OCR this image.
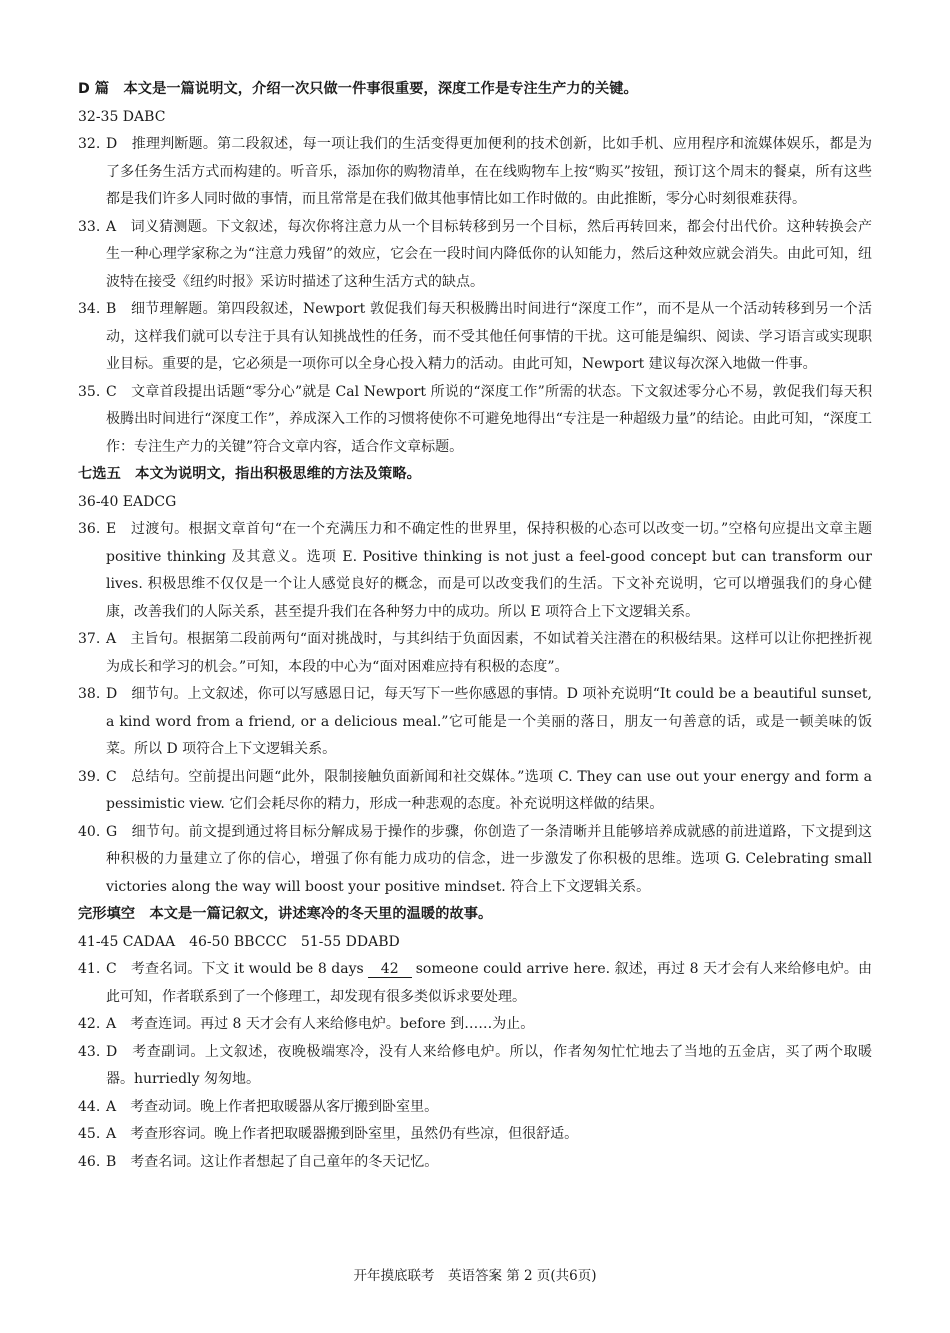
D 篇　本文是一篇说明文，介绍一次只做一件事很重要，深度工作是专注生产力的关键。
32-35 DABC
32. D　推理判断题。第二段叙述，每一项让我们的生活变得更加便利的技术创新，比如手机、应用程序和流媒体娱乐，都是为了多任务生活方式而构建的。听音乐，添加你的购物清单，在在线购物车上按“购买”按钮，预订这个周末的餐桌，所有这些都是我们许多人同时做的事情，而且常常是在我们做其他事情比如工作时做的。由此推断，零分心时刻很难获得。
33. A　词义猜测题。下文叙述，每次你将注意力从一个目标转移到另一个目标，然后再转回来，都会付出代价。这种转换会产生一种心理学家称之为“注意力残留”的效应，它会在一段时间内降低你的认知能力，然后这种效应就会消失。由此可知，纽波特在接受《纽约时报》采访时描述了这种生活方式的缺点。
34. B　细节理解题。第四段叙述，Newport 敦促我们每天积极腾出时间进行“深度工作”，而不是从一个活动转移到另一个活动，这样我们就可以专注于具有认知挑战性的任务，而不受其他任何事情的干扰。这可能是编织、阅读、学习语言或实现职业目标。重要的是，它必须是一项你可以全身心投入精力的活动。由此可知，Newport 建议每次深入地做一件事。
35. C　文章首段提出话题“零分心”就是 Cal Newport 所说的“深度工作”所需的状态。下文叙述零分心不易，敦促我们每天积极腾出时间进行“深度工作”，养成深入工作的习惯将使你不可避免地得出“专注是一种超级力量”的结论。由此可知，“深度工作：专注生产力的关键”符合文章内容，适合作文章标题。
七选五　本文为说明文，指出积极思维的方法及策略。
36-40 EADCG
36. E　过渡句。根据文章首句“在一个充满压力和不确定性的世界里，保持积极的心态可以改变一切。”空格句应提出文章主题 positive thinking 及其意义。选项 E. Positive thinking is not just a feel-good concept but can transform our lives. 积极思维不仅仅是一个让人感觉良好的概念，而是可以改变我们的生活。下文补充说明，它可以增强我们的身心健康，改善我们的人际关系，甚至提升我们在各种努力中的成功。所以 E 项符合上下文逻辑关系。
37. A　主旨句。根据第二段前两句“面对挑战时，与其纠结于负面因素，不如试着关注潜在的积极结果。这样可以让你把挫折视为成长和学习的机会。”可知，本段的中心为“面对困难应持有积极的态度”。
38. D　细节句。上文叙述，你可以写感恩日记，每天写下一些你感恩的事情。D 项补充说明“It could be a beautiful sunset, a kind word from a friend, or a delicious meal.”它可能是一个美丽的落日，朋友一句善意的话，或是一顿美味的饭菜。所以 D 项符合上下文逻辑关系。
39. C　总结句。空前提出问题“此外，限制接触负面新闻和社交媒体。”选项 C. They can use out your energy and form a pessimistic view. 它们会耗尽你的精力，形成一种悲观的态度。补充说明这样做的结果。
40. G　细节句。前文提到通过将目标分解成易于操作的步骤，你创造了一条清晰并且能够培养成就感的前进道路，下文提到这种积极的力量建立了你的信心，增强了你有能力成功的信念，进一步激发了你积极的思维。选项 G. Celebrating small victories along the way will boost your positive mindset. 符合上下文逻辑关系。
完形填空　本文是一篇记叙文，讲述寒冷的冬天里的温暖的故事。
41-45 CADAA　46-50 BBCCC　51-55 DDABD
41. C　考查名词。下文 it would be 8 days 42 someone could arrive here. 叙述，再过 8 天才会有人来给修电炉。由此可知，作者联系到了一个修理工，却发现有很多类似诉求要处理。
42. A　考查连词。再过 8 天才会有人来给修电炉。before 到……为止。
43. D　考查副词。上文叙述，夜晚极端寒冷，没有人来给修电炉。所以，作者匆匆忙忙地去了当地的五金店，买了两个取暖器。hurriedly 匆匆地。
44. A　考查动词。晚上作者把取暖器从客厅搬到卧室里。
45. A　考查形容词。晚上作者把取暖器搬到卧室里，虽然仍有些凉，但很舒适。
46. B　考查名词。这让作者想起了自己童年的冬天记忆。
开年摸底联考　英语答案 第 2 页(共6页)
